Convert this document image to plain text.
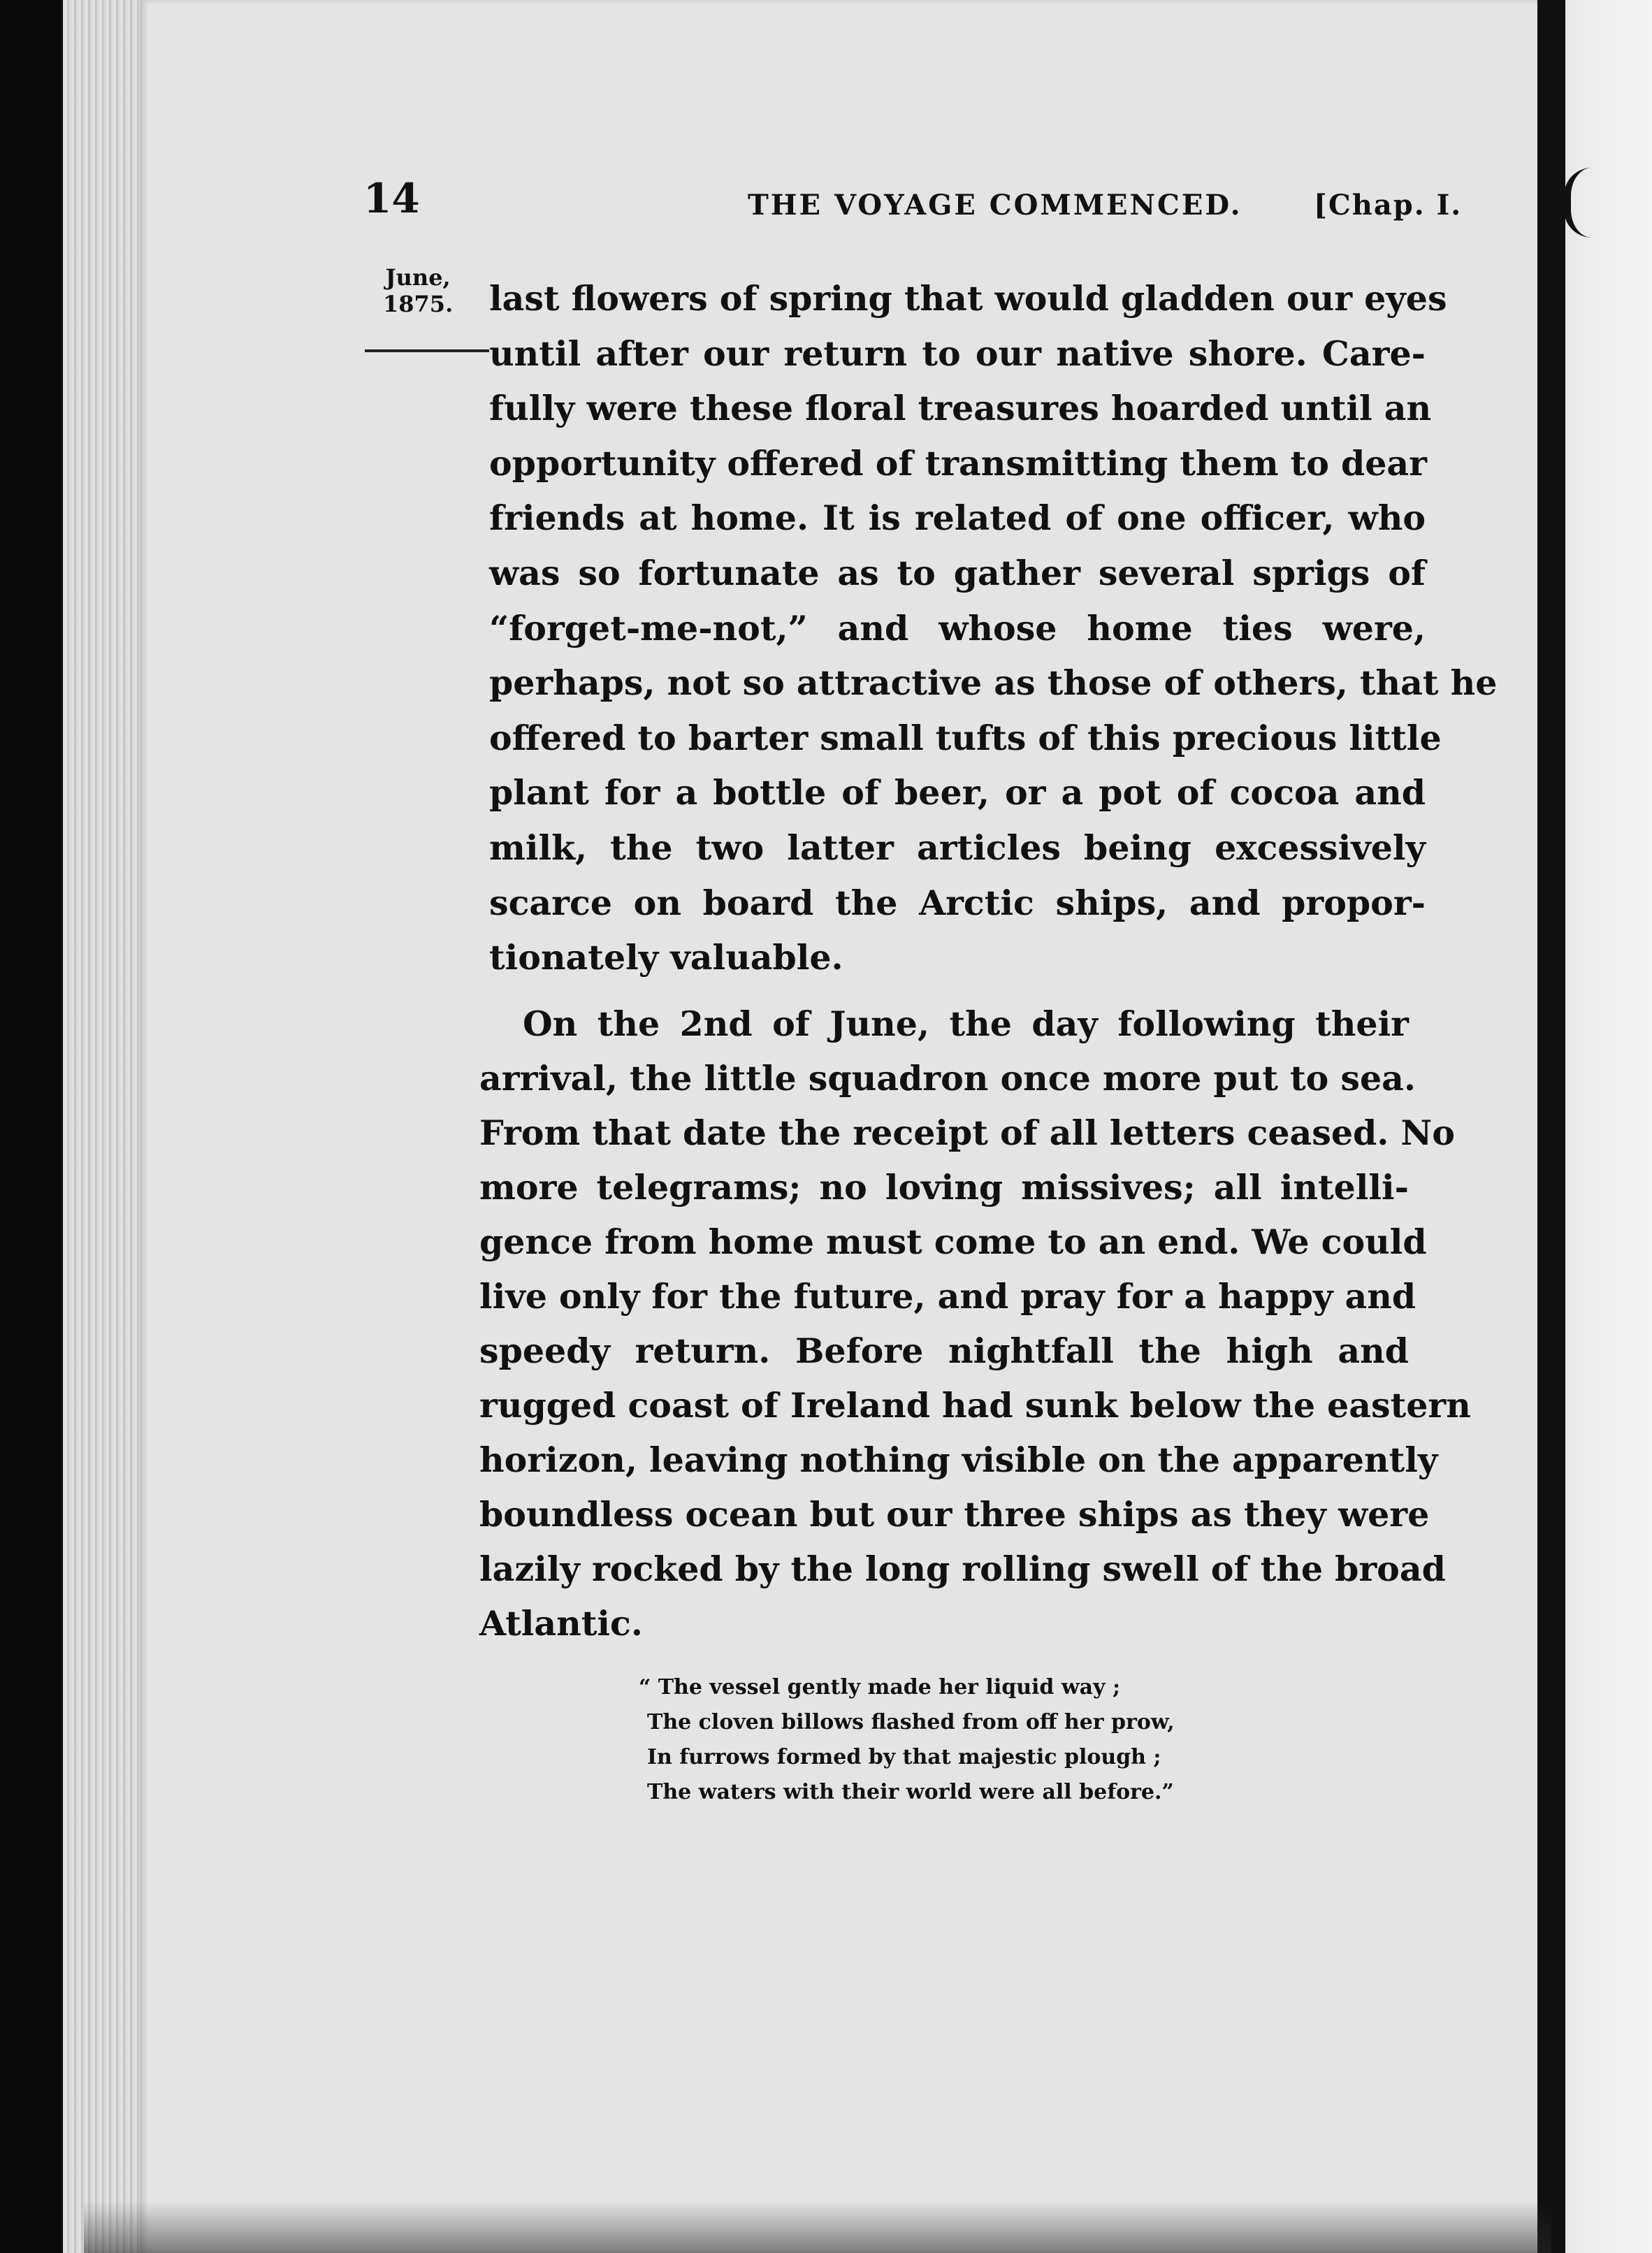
14	THE VOYAGE COMMENCED.	[Chap. I.
June,
1875. last flowers of spring that would gladden our eyes
until after our return to our native shore. Care-
fully were these floral treasures hoarded until an
opportunity offered of transmitting them to dear
friends at home. It is related of one officer, who
was so fortunate as to gather several sprigs of
“forget-me-not,” and whose home ties were,
perhaps, not so attractive as those of others, that he
offered to barter small tufts of this precious little
plant for a bottle of beer, or a pot of cocoa and
milk, the two latter articles being excessively
scarce on board the Arctic ships, and propor-
tionately valuable.
On the 2nd of June, the day following their
arrival, the little squadron once more put to sea.
From that date the receipt of all letters ceased. No
more telegrams; no loving missives; all intelli-
gence from home must come to an end. We could
live only for the future, and pray for a happy and
speedy return. Before nightfall the high and
rugged coast of Ireland had sunk below the eastern
horizon, leaving nothing visible on the apparently
boundless ocean but our three ships as they were
lazily rocked by the long rolling swell of the broad
Atlantic.
“ The vessel gently made her liquid way ;
The cloven billows flashed from off her prow,
In furrows formed by that majestic plough ;
The waters with their world were all before.”
